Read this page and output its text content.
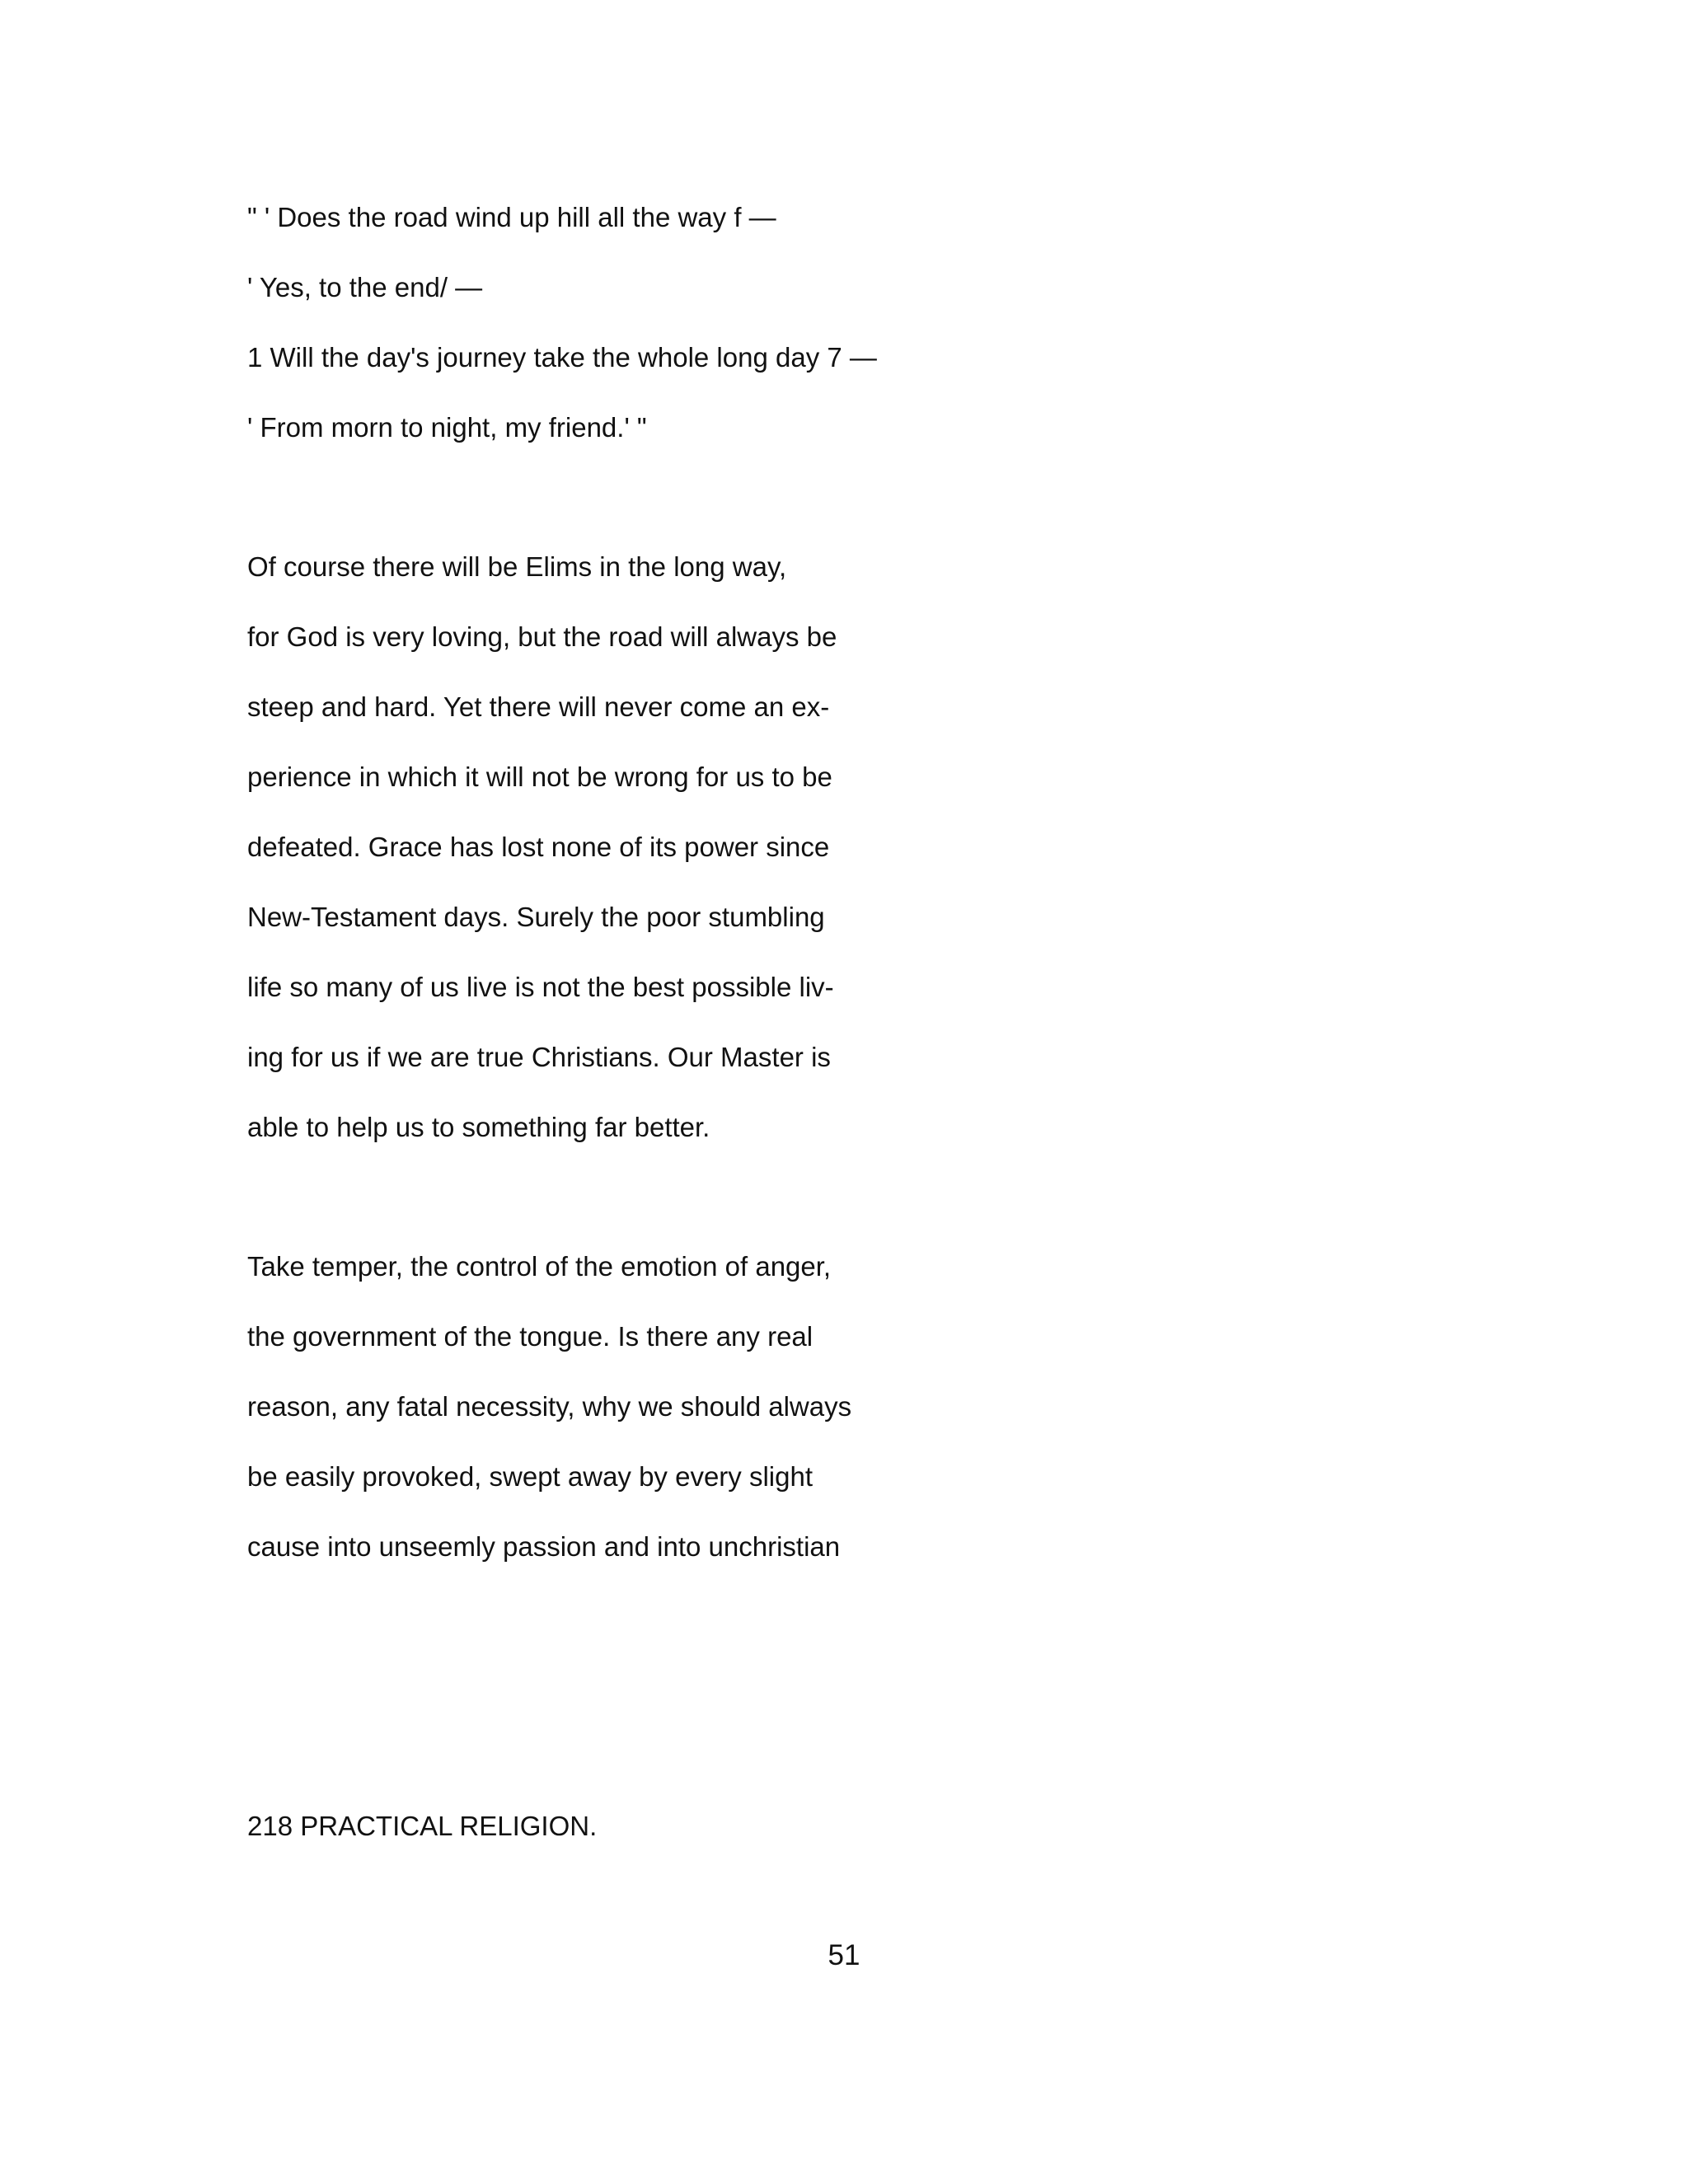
" ' Does the road wind up hill all the way f —
' Yes, to the end/ —
1 Will the day's journey take the whole long day 7 —
' From morn to night, my friend.' "
Of course there will be Elims in the long way,
for God is very loving, but the road will always be
steep and hard. Yet there will never come an ex-
perience in which it will not be wrong for us to be
defeated. Grace has lost none of its power since
New-Testament days. Surely the poor stumbling
life so many of us live is not the best possible liv-
ing for us if we are true Christians. Our Master is
able to help us to something far better.
Take temper, the control of the emotion of anger,
the government of the tongue. Is there any real
reason, any fatal necessity, why we should always
be easily provoked, swept away by every slight
cause into unseemly passion and into unchristian
218 PRACTICAL RELIGION.
51
